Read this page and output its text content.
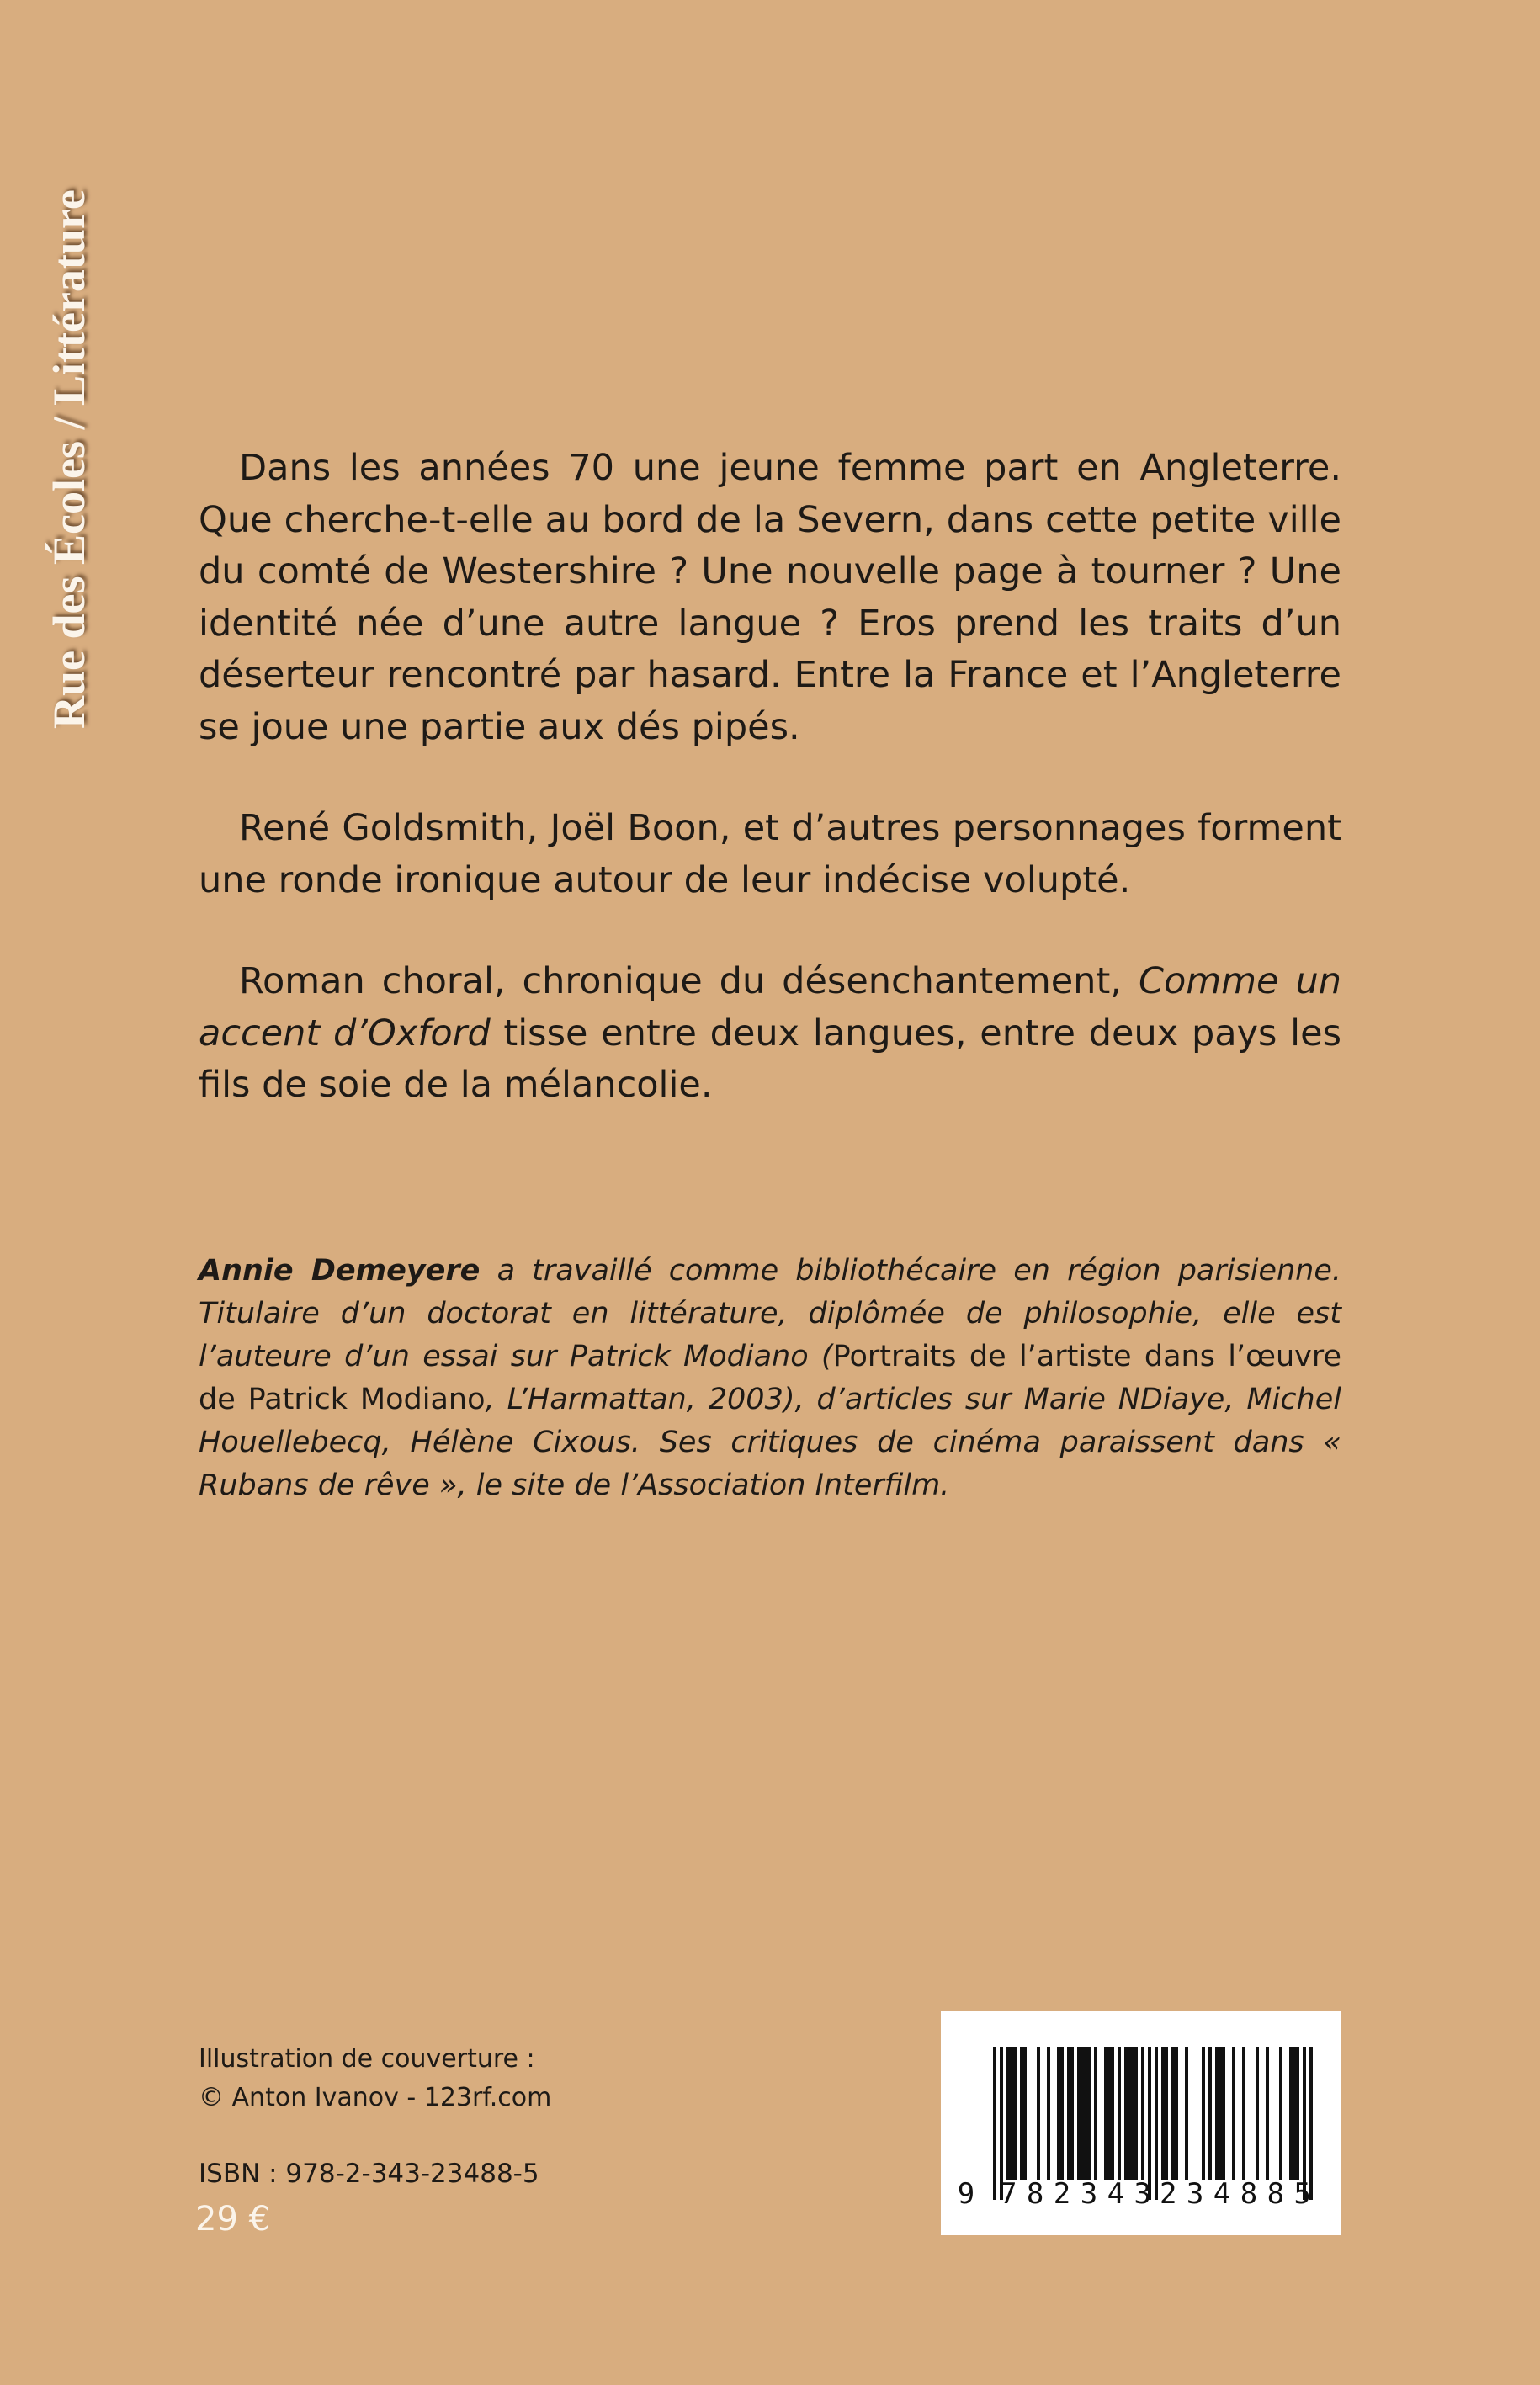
Rue des Écoles / Littérature	Dans les années 70 une jeune femme part en Angleterre. Que cherche-t-elle au bord de la Severn, dans cette petite ville du comté de Westershire ? Une nouvelle page à tourner ? Une identité née d’une autre langue ? Eros prend les traits d’un déserteur rencontré par hasard. Entre la France et l’Angleterre se joue une partie aux dés pipés.

René Goldsmith, Joël Boon, et d’autres personnages forment une ronde ironique autour de leur indécise volupté.

Roman choral, chronique du désenchantement, Comme un accent d’Oxford tisse entre deux langues, entre deux pays les fils de soie de la mélancolie.

Annie Demeyere a travaillé comme bibliothécaire en région parisienne. Titulaire d’un doctorat en littérature, diplômée de philosophie, elle est l’auteure d’un essai sur Patrick Modiano (Portraits de l’artiste dans l’œuvre de Patrick Modiano, L’Harmattan, 2003), d’articles sur Marie NDiaye, Michel Houellebecq, Hélène Cixous. Ses critiques de cinéma paraissent dans « Rubans de rêve », le site de l’Association Interfilm.
Illustration de couverture :
© Anton Ivanov - 123rf.com
ISBN : 978-2-343-23488-5
29 €
9 782343 234885
